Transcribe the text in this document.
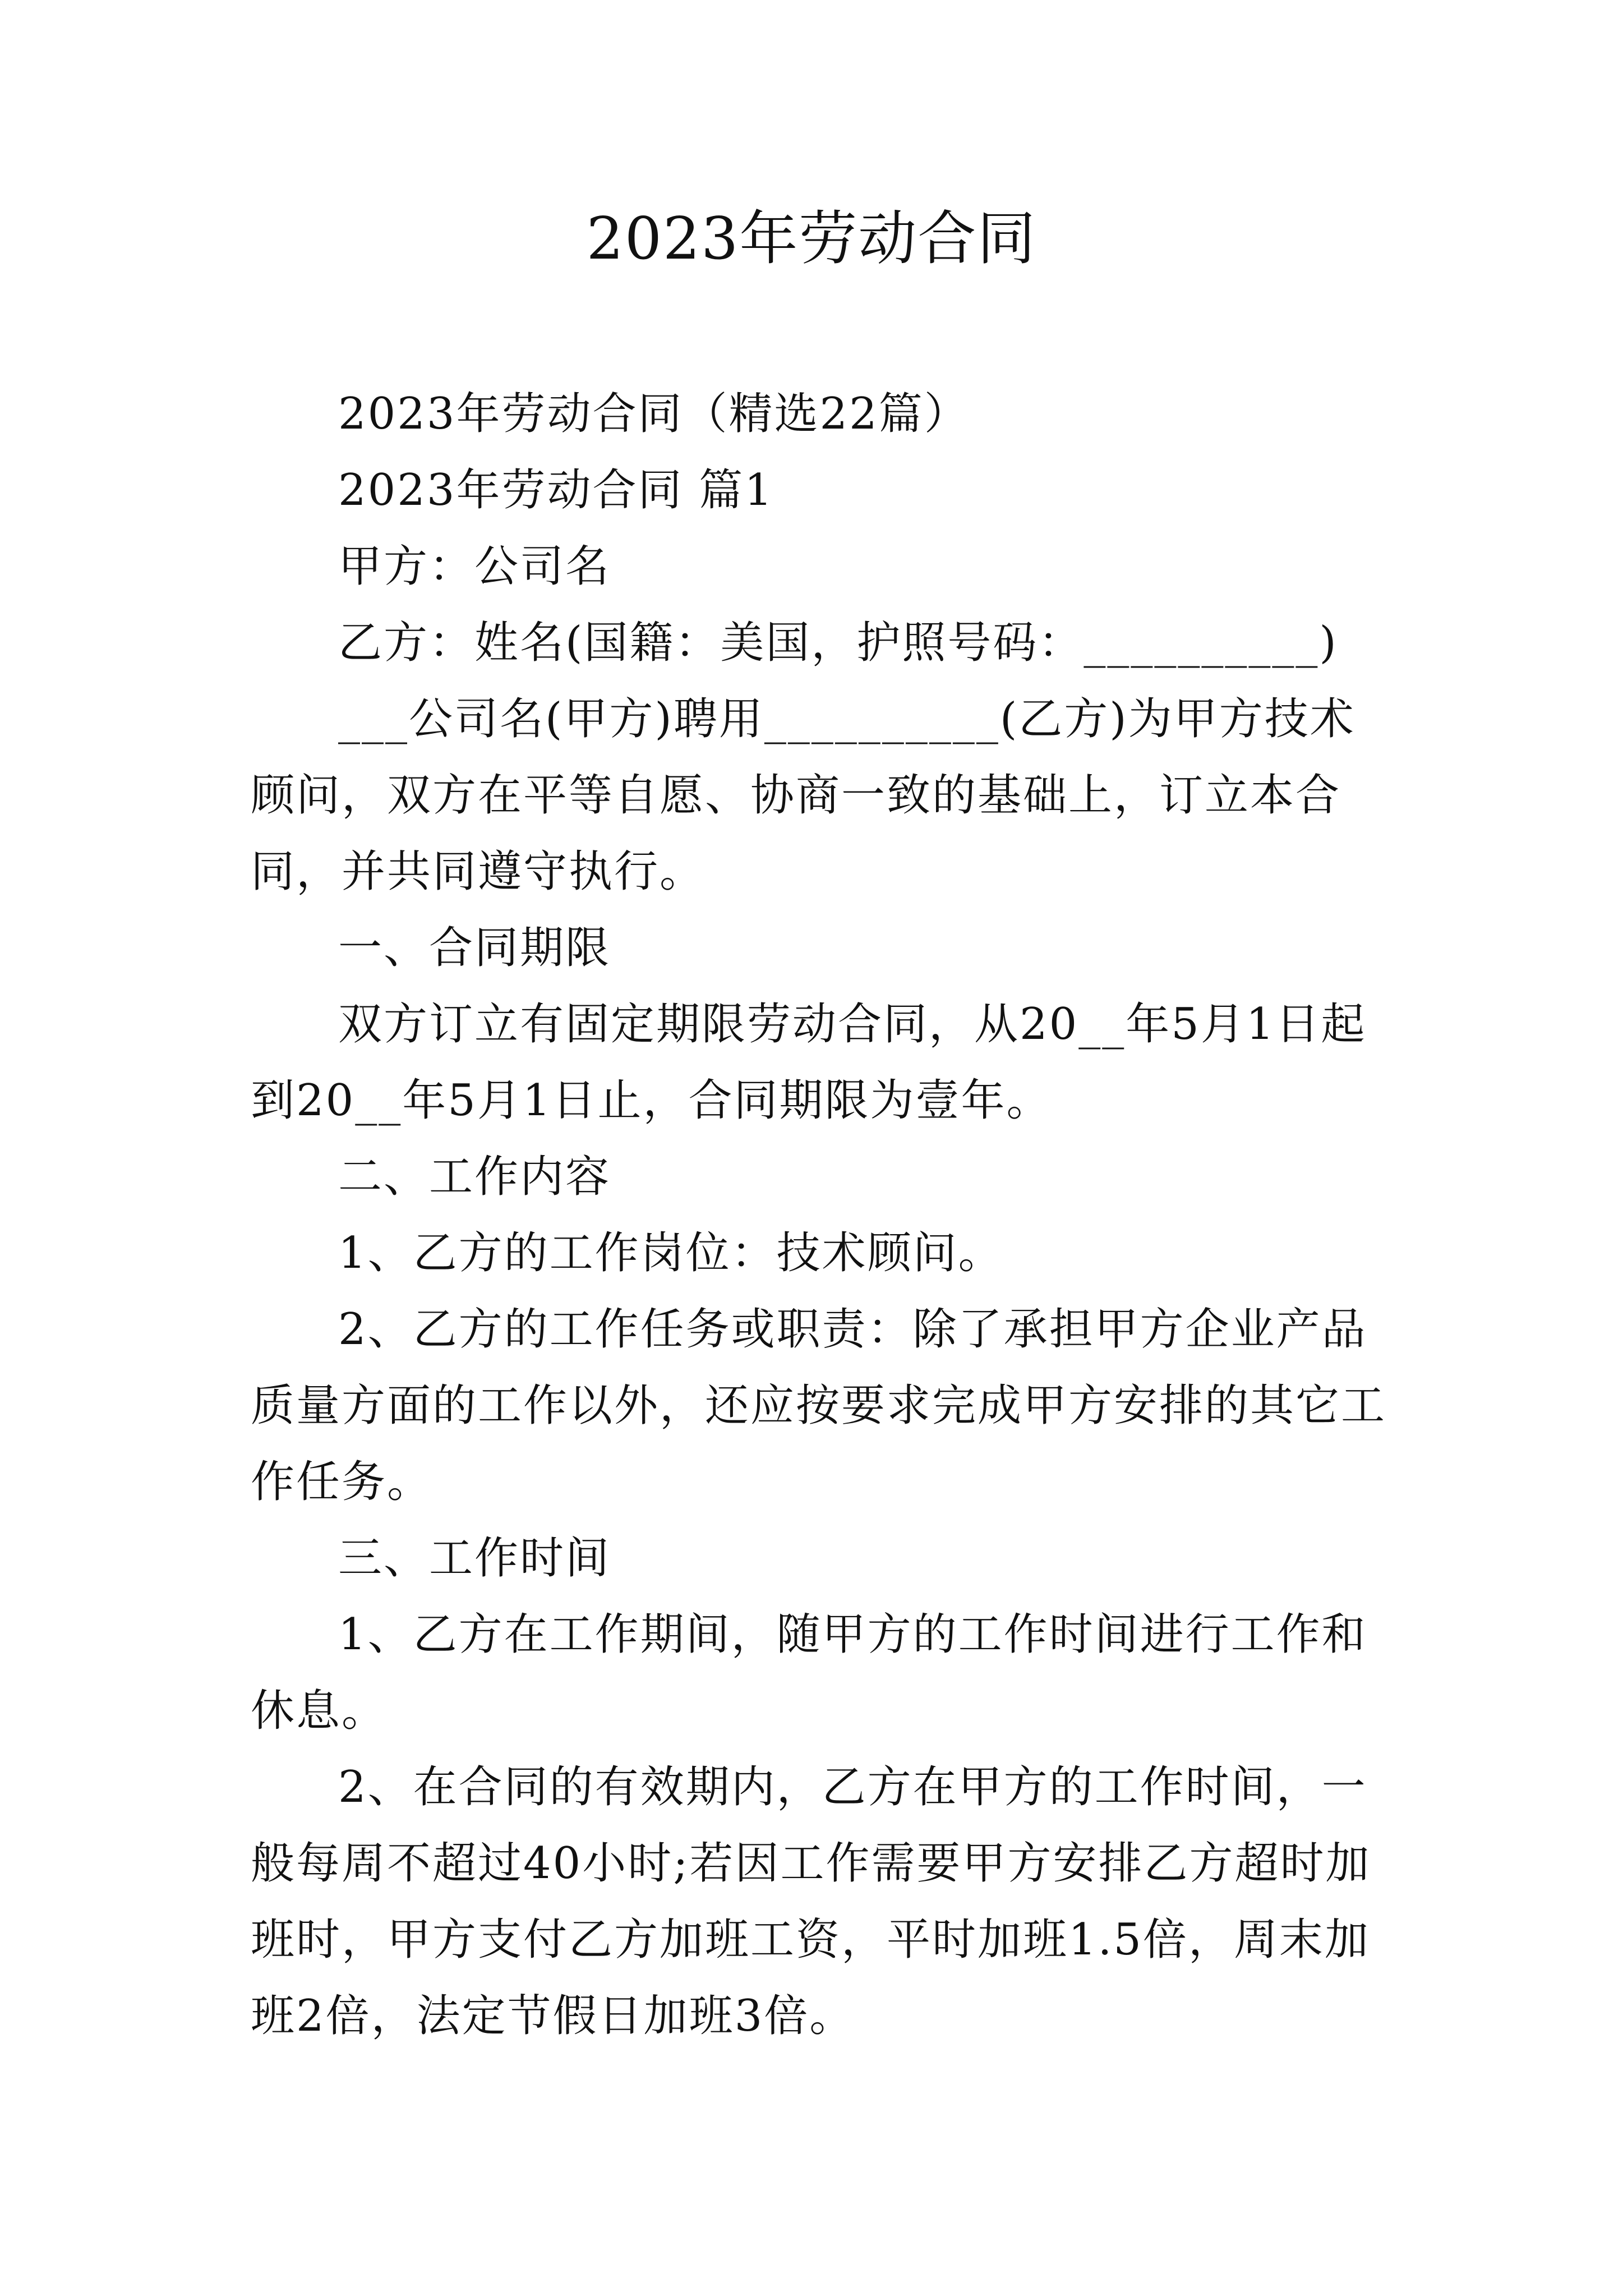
2023年劳动合同

2023年劳动合同（精选22篇）

2023年劳动合同 篇1

甲方：公司名

乙方：姓名(国籍：美国，护照号码：__________)

___公司名(甲方)聘用__________(乙方)为甲方技术顾问，双方在平等自愿、协商一致的基础上，订立本合同，并共同遵守执行。

一、合同期限

双方订立有固定期限劳动合同，从20__年5月1日起到20__年5月1日止，合同期限为壹年。

二、工作内容

1、乙方的工作岗位：技术顾问。

2、乙方的工作任务或职责：除了承担甲方企业产品质量方面的工作以外，还应按要求完成甲方安排的其它工作任务。

三、工作时间

1、乙方在工作期间，随甲方的工作时间进行工作和休息。

2、在合同的有效期内，乙方在甲方的工作时间，一般每周不超过40小时;若因工作需要甲方安排乙方超时加班时，甲方支付乙方加班工资，平时加班1.5倍，周末加班2倍，法定节假日加班3倍。
